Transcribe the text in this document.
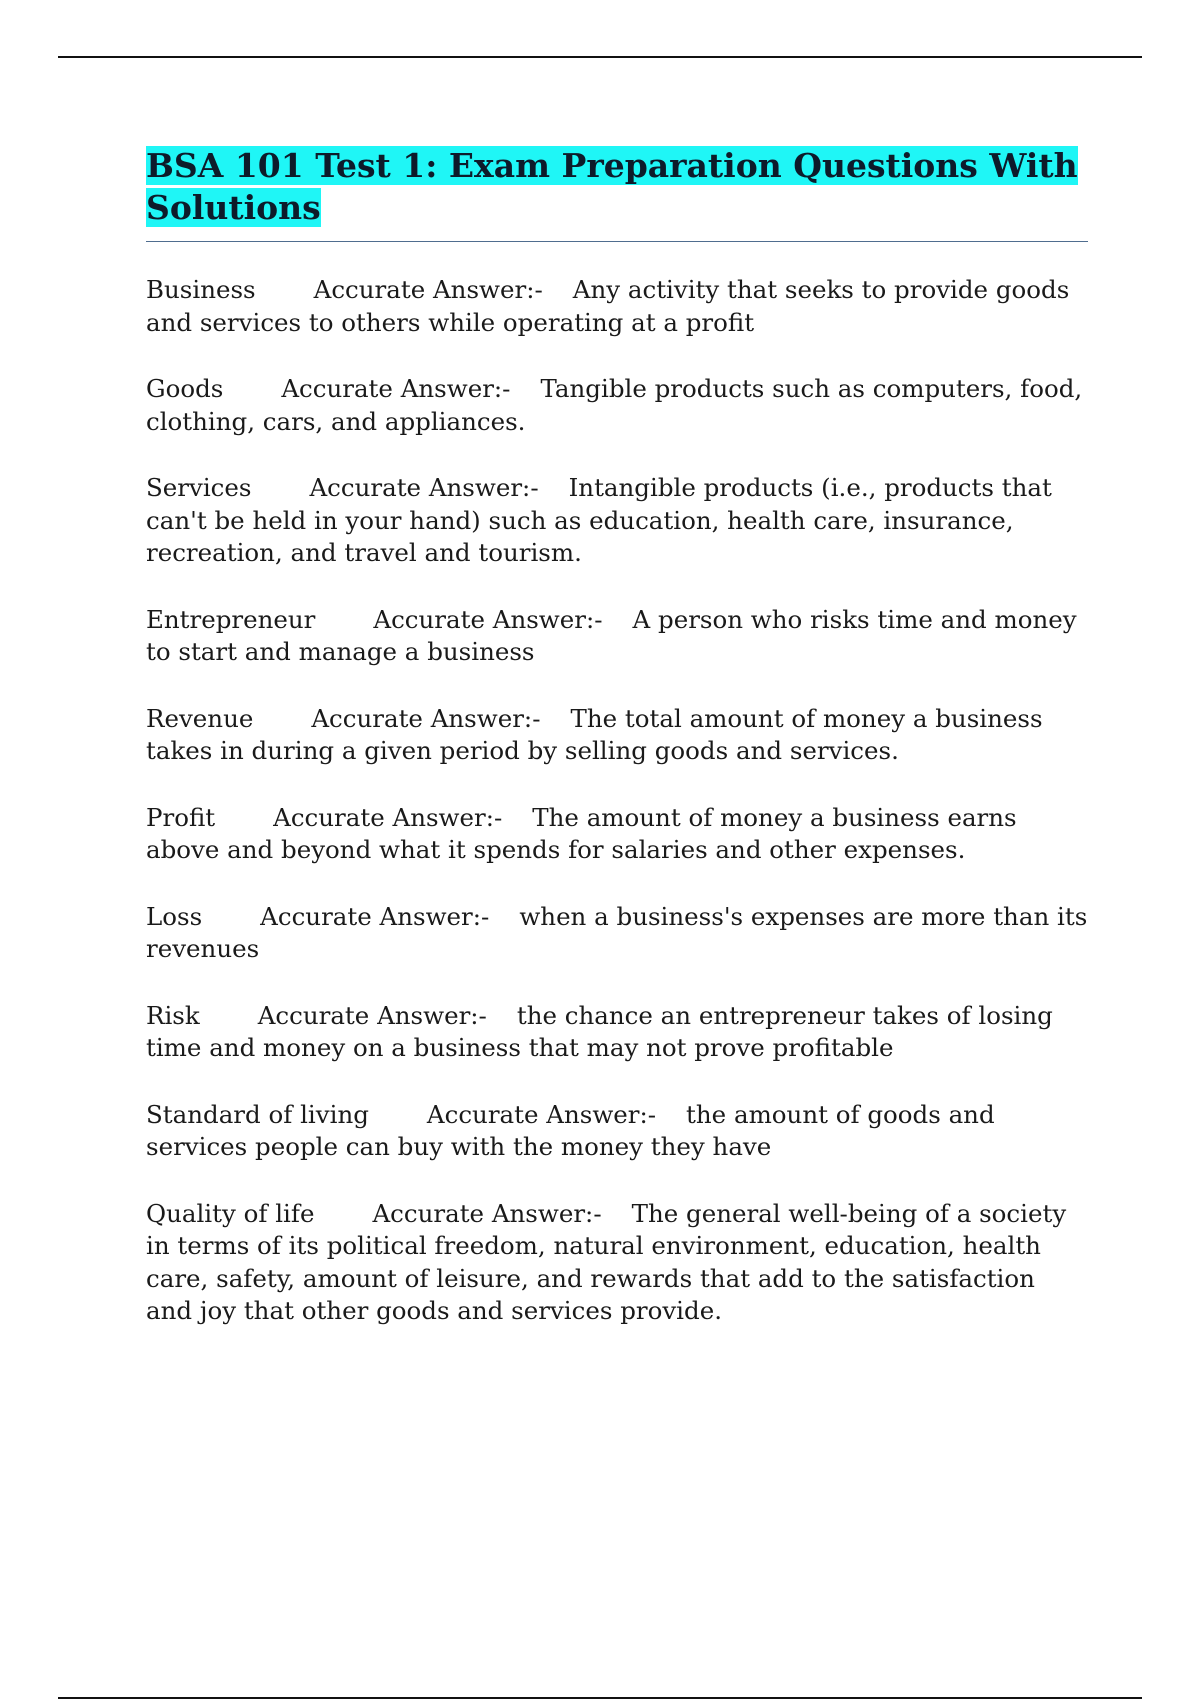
BSA 101 Test 1: Exam Preparation Questions With Solutions

Business Accurate Answer:- Any activity that seeks to provide goods and services to others while operating at a profit

Goods Accurate Answer:- Tangible products such as computers, food, clothing, cars, and appliances.

Services Accurate Answer:- Intangible products (i.e., products that can't be held in your hand) such as education, health care, insurance, recreation, and travel and tourism.

Entrepreneur Accurate Answer:- A person who risks time and money to start and manage a business

Revenue Accurate Answer:- The total amount of money a business takes in during a given period by selling goods and services.

Profit Accurate Answer:- The amount of money a business earns above and beyond what it spends for salaries and other expenses.

Loss Accurate Answer:- when a business's expenses are more than its revenues

Risk Accurate Answer:- the chance an entrepreneur takes of losing time and money on a business that may not prove profitable

Standard of living Accurate Answer:- the amount of goods and services people can buy with the money they have

Quality of life Accurate Answer:- The general well-being of a society in terms of its political freedom, natural environment, education, health care, safety, amount of leisure, and rewards that add to the satisfaction and joy that other goods and services provide.
